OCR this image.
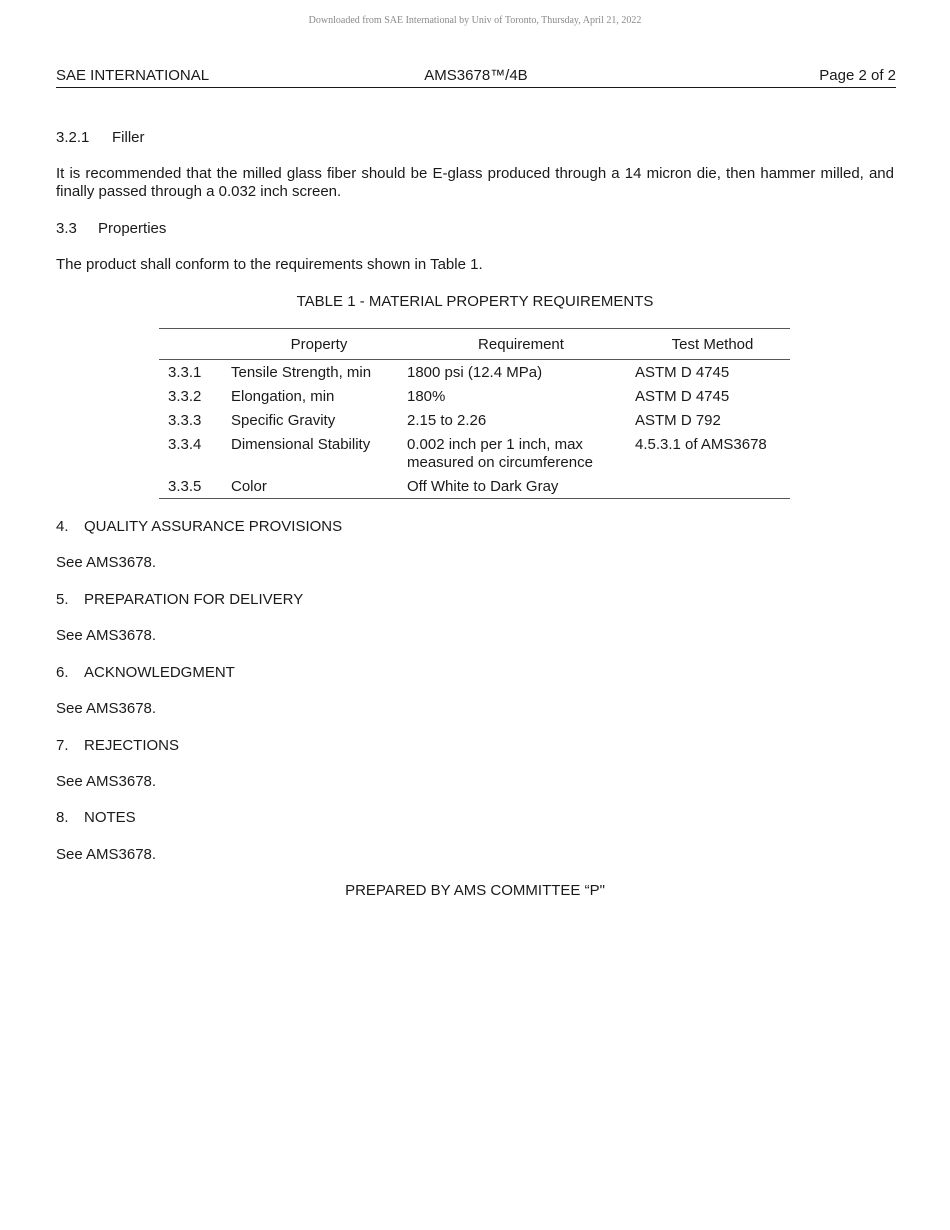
Downloaded from SAE International by Univ of Toronto, Thursday, April 21, 2022
SAE INTERNATIONAL	AMS3678™/4B	Page 2 of 2
3.2.1 Filler
It is recommended that the milled glass fiber should be E-glass produced through a 14 micron die, then hammer milled, and finally passed through a 0.032 inch screen.
3.3 Properties
The product shall conform to the requirements shown in Table 1.
TABLE 1 - MATERIAL PROPERTY REQUIREMENTS
	Property	Requirement	Test Method
3.3.1	Tensile Strength, min	1800 psi (12.4 MPa)	ASTM D 4745
3.3.2	Elongation, min	180%	ASTM D 4745
3.3.3	Specific Gravity	2.15 to 2.26	ASTM D 792
3.3.4	Dimensional Stability	0.002 inch per 1 inch, max
measured on circumference	4.5.3.1 of AMS3678
3.3.5	Color	Off White to Dark Gray	
4. QUALITY ASSURANCE PROVISIONS
See AMS3678.
5. PREPARATION FOR DELIVERY
See AMS3678.
6. ACKNOWLEDGMENT
See AMS3678.
7. REJECTIONS
See AMS3678.
8. NOTES
See AMS3678.
PREPARED BY AMS COMMITTEE “P"
